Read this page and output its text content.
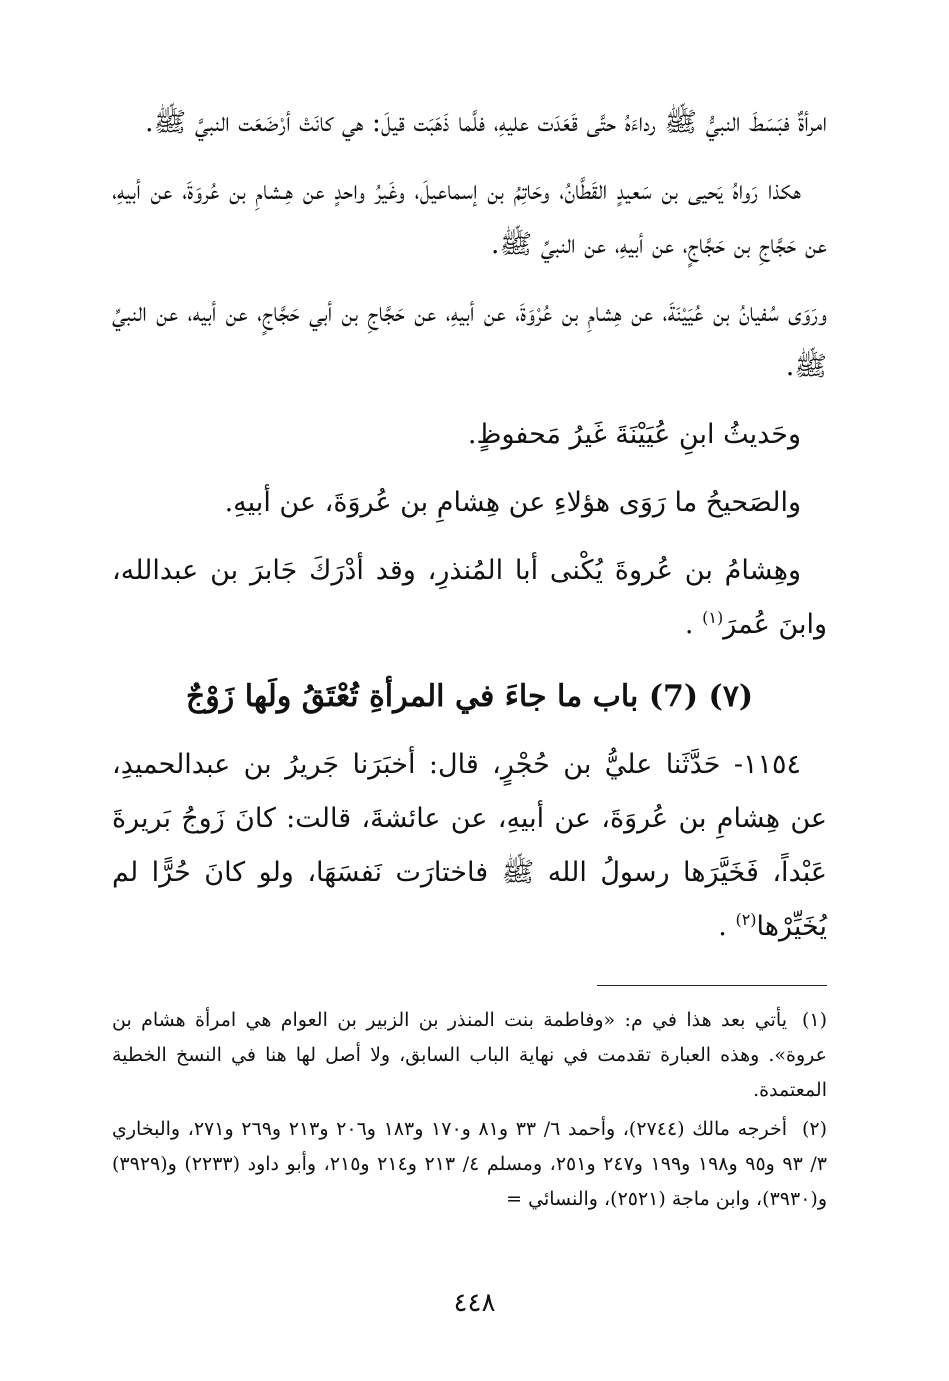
امرأةٌ فبَسَطَ النبيُّ ﷺ رداءَهُ حتَّى قَعَدَت عليهِ، فلَّما ذَهَبَت قيلَ: هي كانَتْ أرْضَعَت النبيَّ ﷺ.

هكذا رَواهُ يَحيى بن سَعيدٍ القَطَّانُ، وحَاتِمُ بن إسماعيلَ، وغَيرُ واحدٍ عن هِـشامِ بن عُروَةَ، عن أبيهِ، عن حَجَّاجِ بن حَجَّاجٍ، عن أبيهِ، عن النبيِّ ﷺ.

ورَوَى سُفيانُ بن عُيَيْنَةَ، عن هِشامِ بن عُرْوَةَ، عن أبيهِ، عن حَجَّاجِ بن أبي حَجَّاجٍ، عن أبيه، عن النبيِّ ﷺ.

وحَديثُ ابنِ عُيَيْنَةَ غَيرُ مَحفوظٍ.

والصَحيحُ ما رَوَى هؤلاءِ عن هِشامِ بن عُروَةَ، عن أبيهِ.

وهِشامُ بن عُروةَ يُكْنى أبا المُنذرِ، وقد أدْرَكَ جَابرَ بن عبدالله، وابنَ عُمرَ$^{(١)}$ .

(٧) (7) باب ما جاءَ في المرأةِ تُعْتَقُ ولَها زَوْجٌ

١١٥٤- حَدَّثَنا عليُّ بن حُجْرٍ، قال: أخبَرَنا جَريرُ بن عبدالحميدِ، عن هِشامِ بن عُروَةَ، عن أبيهِ، عن عائشةَ، قالت: كانَ زَوجُ بَريرةَ عَبْداً، فَخَيَّرَها رسولُ الله ﷺ فاختارَت نَفسَهَا، ولو كانَ حُرًّا لم يُخَيِّرْها$^{(٢)}$ .

(١)يأتي بعد هذا في م: «وفاطمة بنت المنذر بن الزبير بن العوام هي امرأة هشام بن عروة». وهذه العبارة تقدمت في نهاية الباب السابق، ولا أصل لها هنا في النسخ الخطية المعتمدة.

(٢)أخرجه مالك (٢٧٤٤)، وأحمد ٦/ ٣٣ و٨١ و١٧٠ و١٨٣ و٢٠٦ و٢١٣ و٢٦٩ و٢٧١، والبخاري ٣/ ٩٣ و٩٥ و١٩٨ و١٩٩ و٢٤٧ و٢٥١، ومسلم ٤/ ٢١٣ و٢١٤ و٢١٥، وأبو داود (٢٢٣٣) و(٣٩٢٩) و(٣٩٣٠)، وابن ماجة (٢٥٢١)، والنسائي =

٤٤٨
